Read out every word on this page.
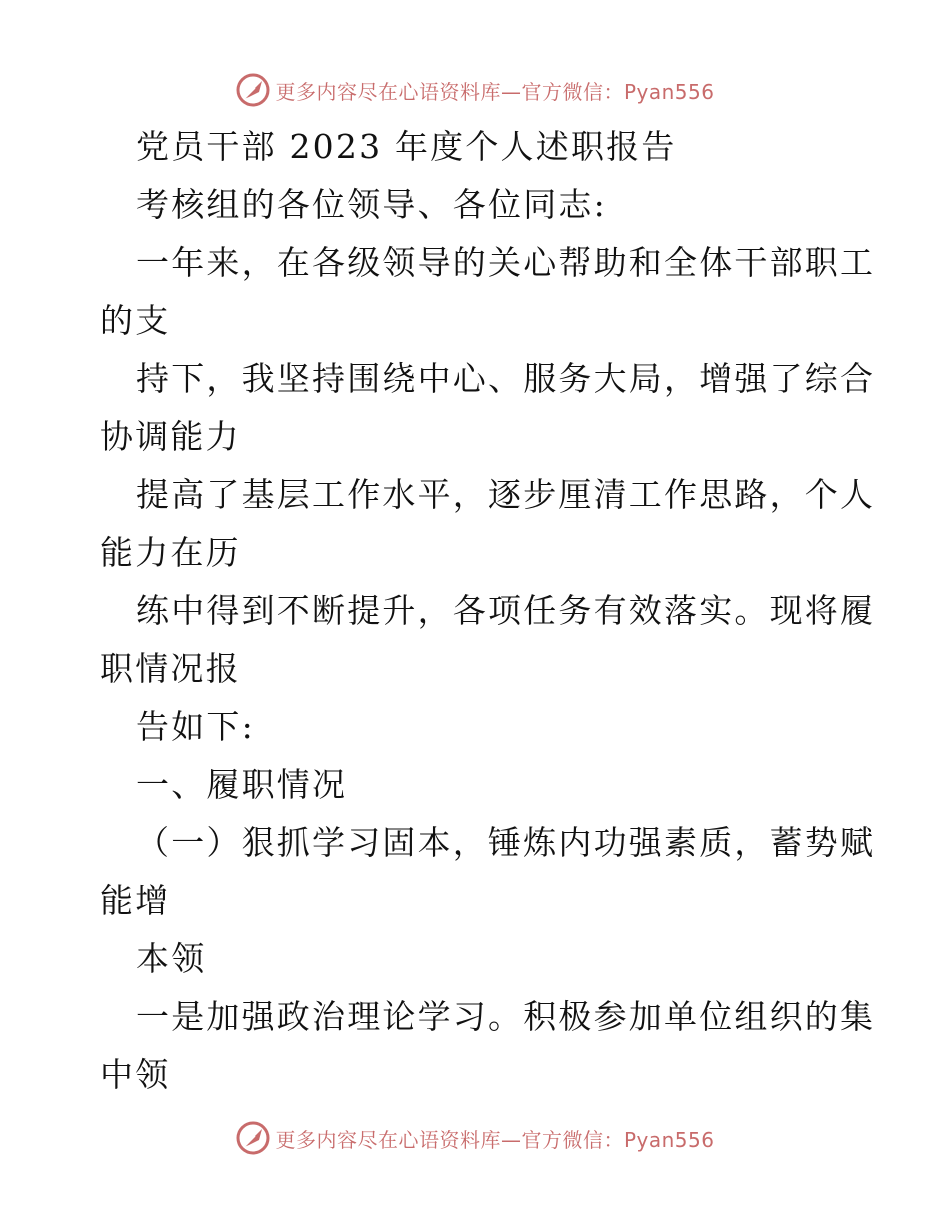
更多内容尽在心语资料库—官方微信：Pyan556
党员干部 2023 年度个人述职报告
考核组的各位领导、各位同志:
一年来，在各级领导的关心帮助和全体干部职工
的支
持下，我坚持围绕中心、服务大局，增强了综合
协调能力
提高了基层工作水平，逐步厘清工作思路，个人
能力在历
练中得到不断提升，各项任务有效落实。现将履
职情况报
告如下:
一、履职情况
（一）狠抓学习固本，锤炼内功强素质，蓄势赋
能增
本领
一是加强政治理论学习。积极参加单位组织的集
中领
更多内容尽在心语资料库—官方微信：Pyan556
